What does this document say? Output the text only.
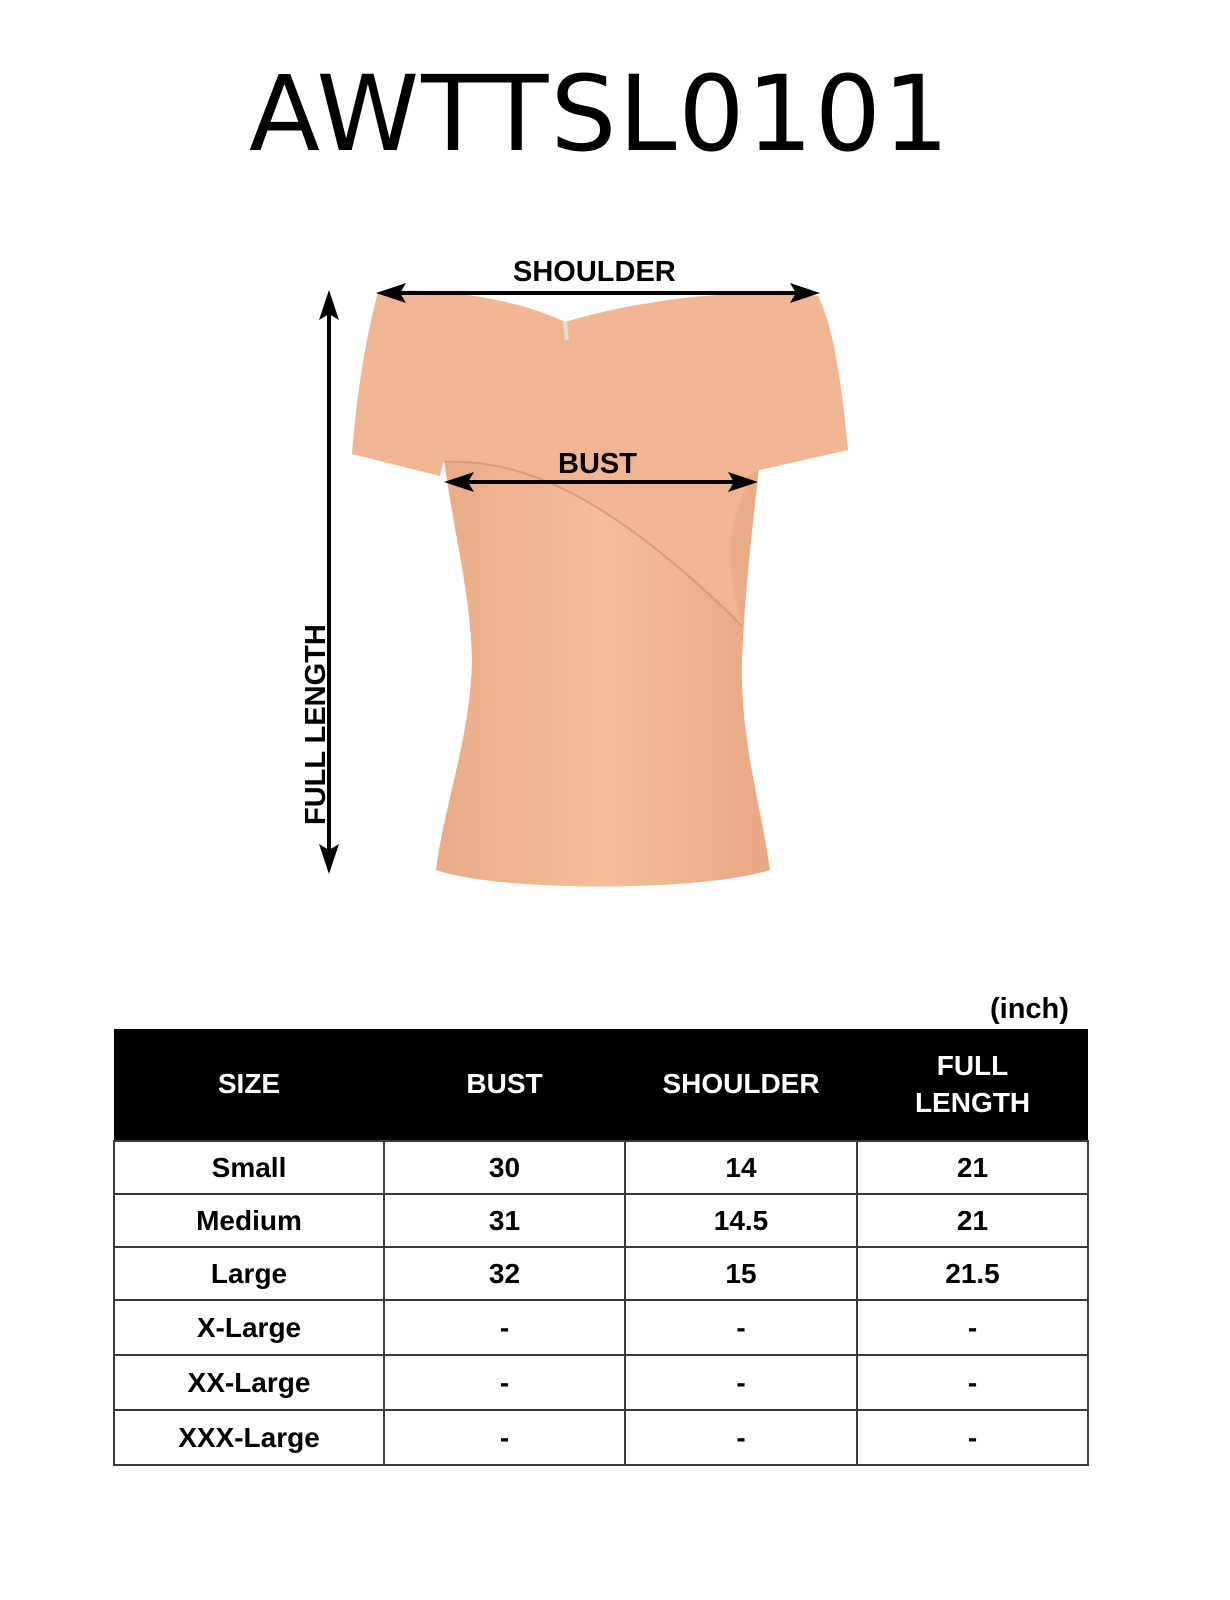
AWTTSL0101
SHOULDER
BUST
FULL LENGTH
(inch)
SIZE	BUST	SHOULDER	FULL LENGTH
Small	30	14	21
Medium	31	14.5	21
Large	32	15	21.5
X-Large	-	-	-
XX-Large	-	-	-
XXX-Large	-	-	-
